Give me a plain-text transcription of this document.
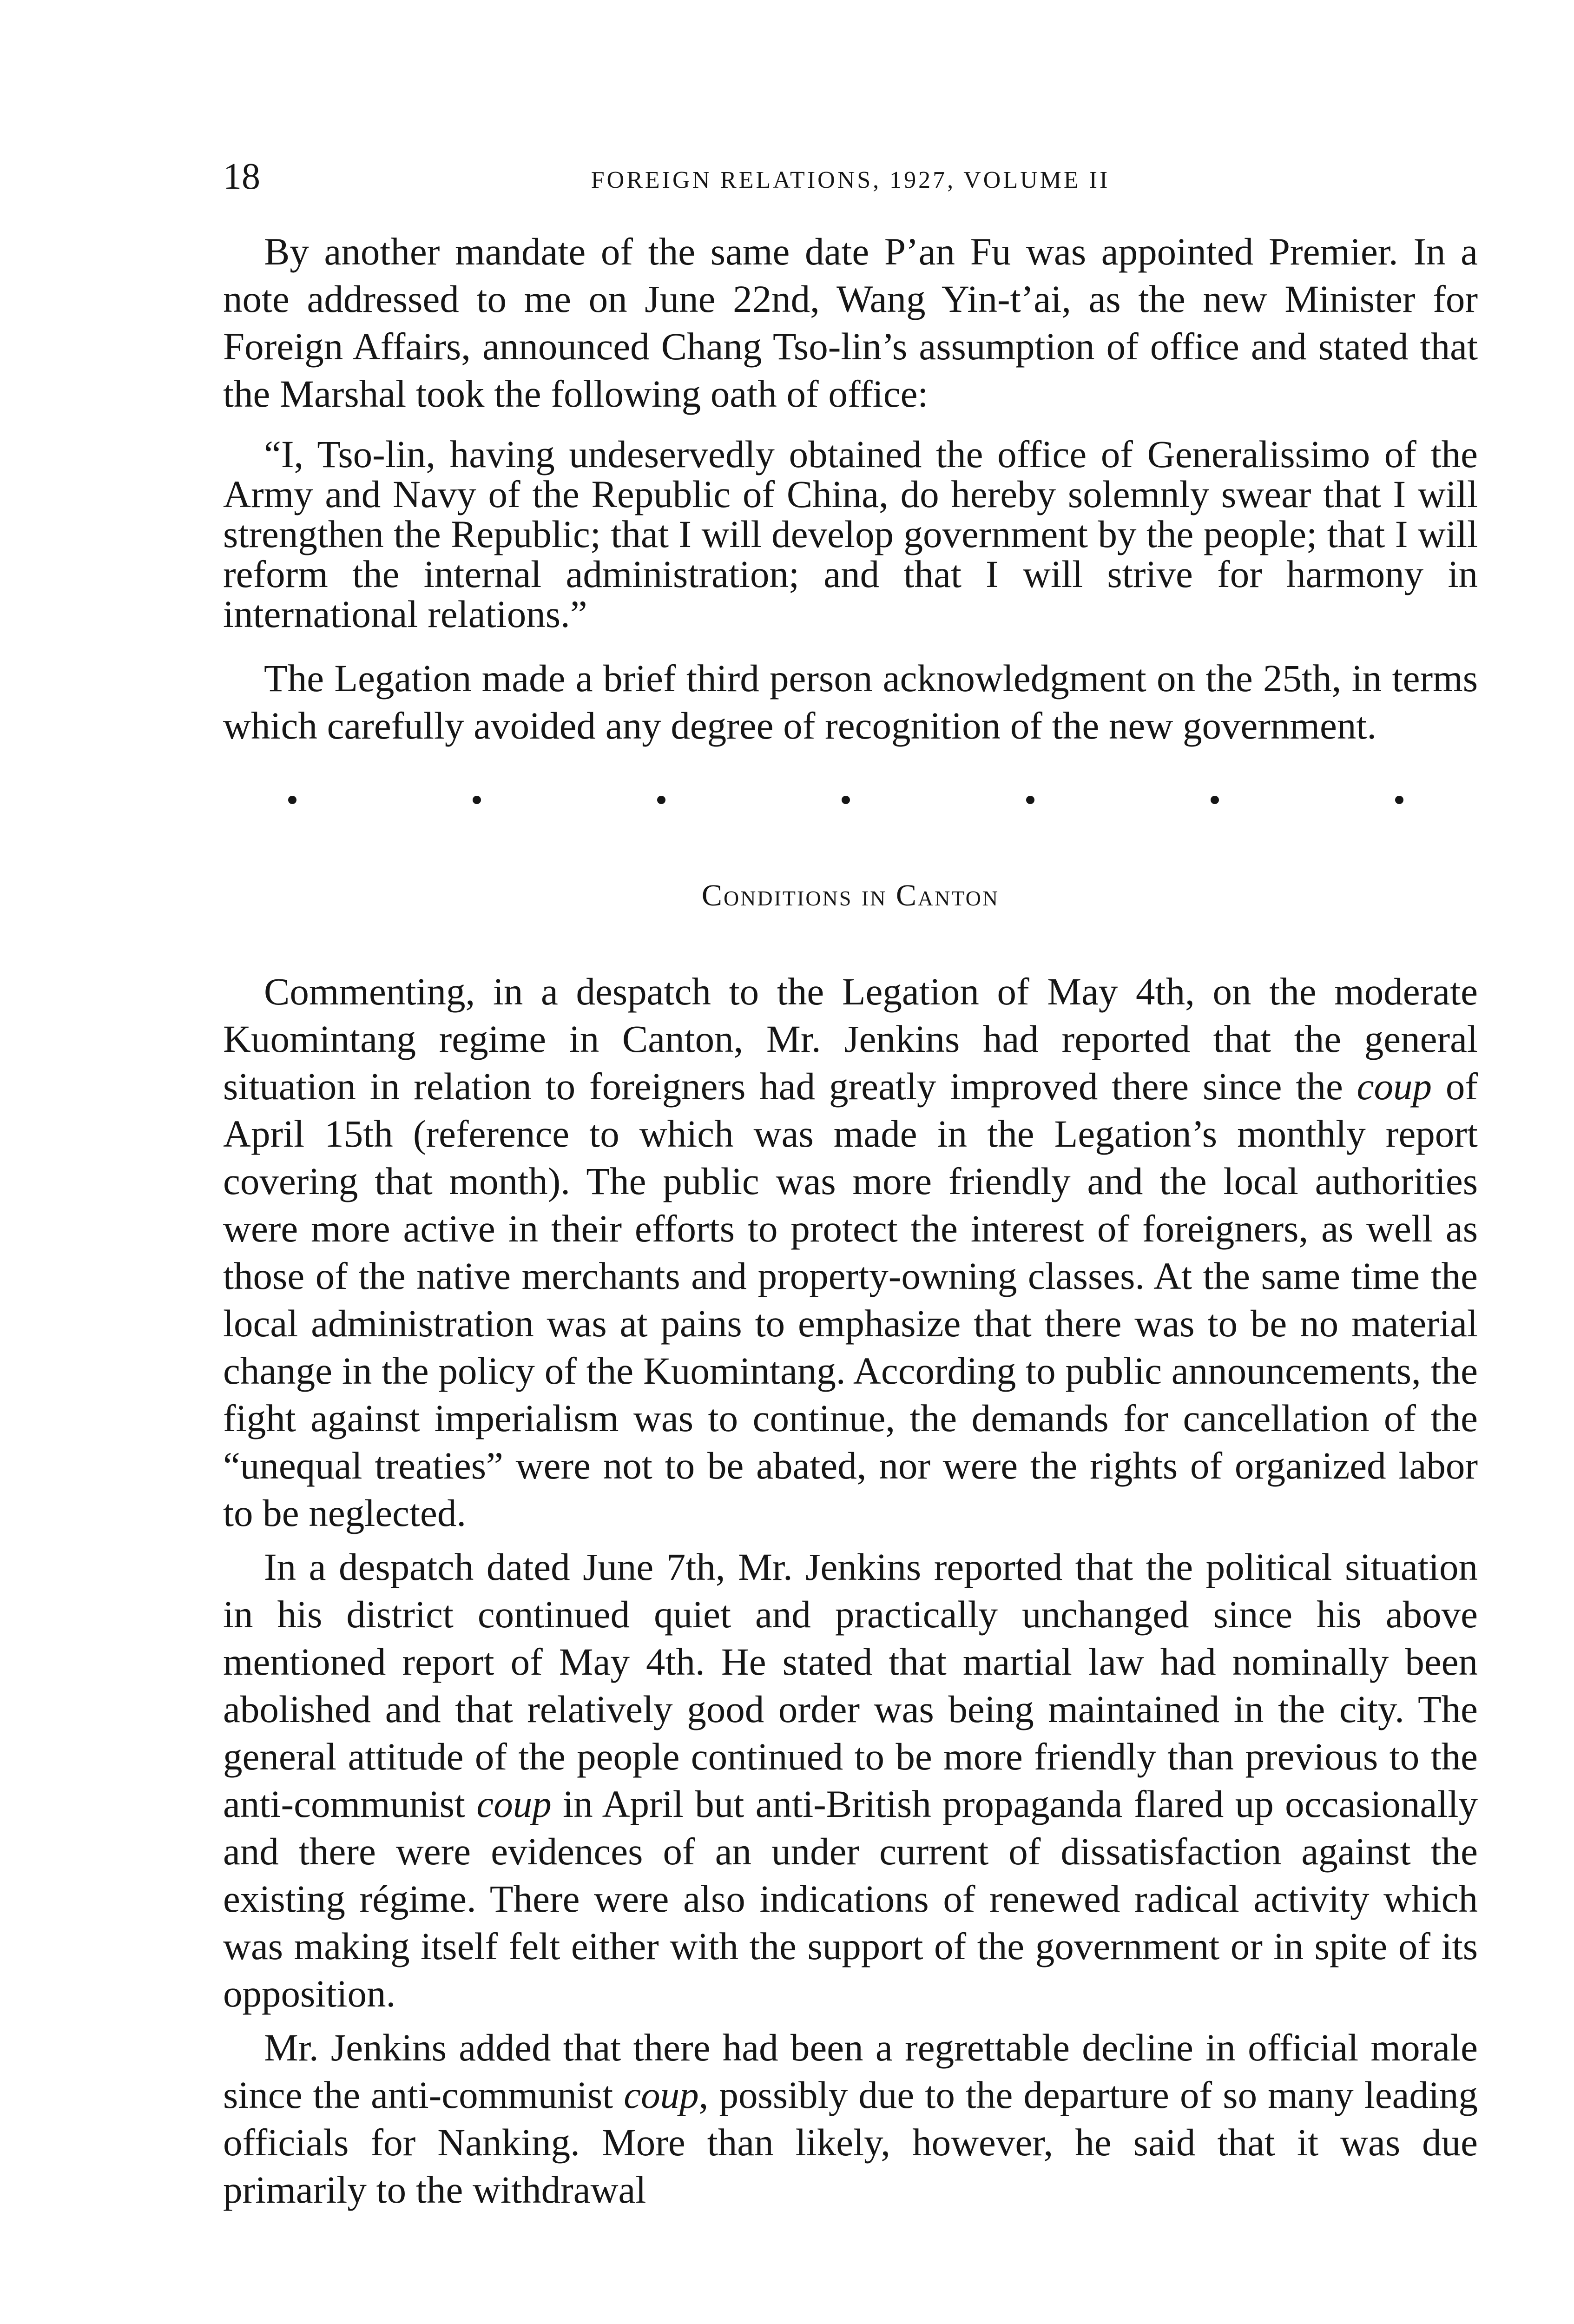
18	FOREIGN RELATIONS, 1927, VOLUME II

By another mandate of the same date P’an Fu was appointed Premier. In a note addressed to me on June 22nd, Wang Yin-t’ai, as the new Minister for Foreign Affairs, announced Chang Tso-lin’s assumption of office and stated that the Marshal took the following oath of office:

“I, Tso-lin, having undeservedly obtained the office of Generalissimo of the Army and Navy of the Republic of China, do hereby solemnly swear that I will strengthen the Republic; that I will develop government by the people; that I will reform the internal administration; and that I will strive for harmony in international relations.”

The Legation made a brief third person acknowledgment on the 25th, in terms which carefully avoided any degree of recognition of the new government.

Conditions in Canton

Commenting, in a despatch to the Legation of May 4th, on the moderate Kuomintang regime in Canton, Mr. Jenkins had reported that the general situation in relation to foreigners had greatly improved there since the coup of April 15th (reference to which was made in the Legation’s monthly report covering that month). The public was more friendly and the local authorities were more active in their efforts to protect the interest of foreigners, as well as those of the native merchants and property-owning classes. At the same time the local administration was at pains to emphasize that there was to be no material change in the policy of the Kuomintang. According to public announcements, the fight against imperialism was to continue, the demands for cancellation of the “unequal treaties” were not to be abated, nor were the rights of organized labor to be neglected.

In a despatch dated June 7th, Mr. Jenkins reported that the political situation in his district continued quiet and practically unchanged since his above mentioned report of May 4th. He stated that martial law had nominally been abolished and that relatively good order was being maintained in the city. The general attitude of the people continued to be more friendly than previous to the anti-communist coup in April but anti-British propaganda flared up occasionally and there were evidences of an under current of dissatisfaction against the existing régime. There were also indications of renewed radical activity which was making itself felt either with the support of the government or in spite of its opposition.

Mr. Jenkins added that there had been a regrettable decline in official morale since the anti-communist coup, possibly due to the departure of so many leading officials for Nanking. More than likely, however, he said that it was due primarily to the withdrawal
